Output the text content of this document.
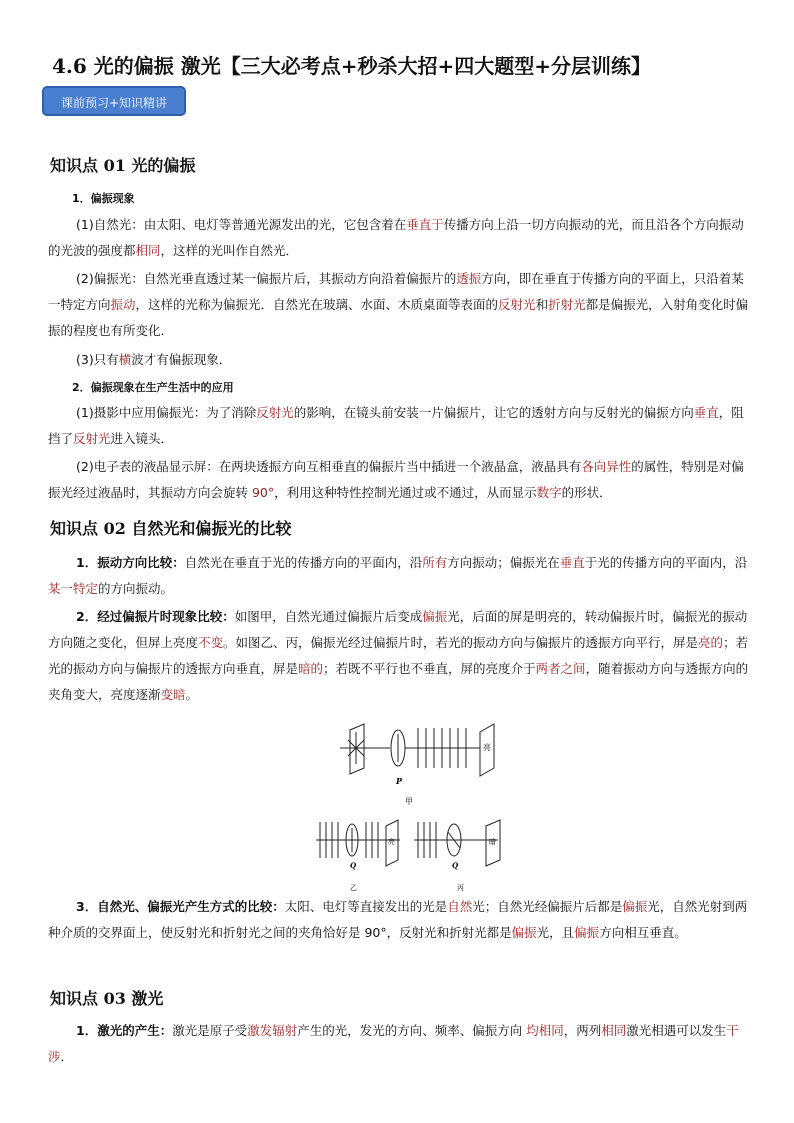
4.6 光的偏振 激光【三大必考点+秒杀大招+四大题型+分层训练】
课前预习+知识精讲
知识点 01 光的偏振
1．偏振现象
(1)自然光：由太阳、电灯等普通光源发出的光，它包含着在垂直于传播方向上沿一切方向振动的光，而且沿各个方向振动的光波的强度都相同，这样的光叫作自然光．
(2)偏振光：自然光垂直透过某一偏振片后，其振动方向沿着偏振片的透振方向，即在垂直于传播方向的平面上，只沿着某一特定方向振动，这样的光称为偏振光．自然光在玻璃、水面、木质桌面等表面的反射光和折射光都是偏振光，入射角变化时偏振的程度也有所变化．
(3)只有横波才有偏振现象．
2．偏振现象在生产生活中的应用
(1)摄影中应用偏振光：为了消除反射光的影响，在镜头前安装一片偏振片，让它的透射方向与反射光的偏振方向垂直，阻挡了反射光进入镜头．
(2)电子表的液晶显示屏：在两块透振方向互相垂直的偏振片当中插进一个液晶盒，液晶具有各向异性的属性，特别是对偏振光经过液晶时，其振动方向会旋转 90°，利用这种特性控制光通过或不通过，从而显示数字的形状．
知识点 02 自然光和偏振光的比较
1．振动方向比较：自然光在垂直于光的传播方向的平面内，沿所有方向振动；偏振光在垂直于光的传播方向的平面内，沿某一特定的方向振动。
2．经过偏振片时现象比较：如图甲，自然光通过偏振片后变成偏振光，后面的屏是明亮的，转动偏振片时，偏振光的振动方向随之变化，但屏上亮度不变。如图乙、丙，偏振光经过偏振片时，若光的振动方向与偏振片的透振方向平行，屏是亮的；若光的振动方向与偏振片的透振方向垂直，屏是暗的；若既不平行也不垂直，屏的亮度介于两者之间，随着振动方向与透振方向的夹角变大，亮度逐渐变暗。
P
亮
甲
Q
亮
乙
Q
暗
丙
3．自然光、偏振光产生方式的比较：太阳、电灯等直接发出的光是自然光；自然光经偏振片后都是偏振光，自然光射到两种介质的交界面上，使反射光和折射光之间的夹角恰好是 90°，反射光和折射光都是偏振光，且偏振方向相互垂直。
知识点 03 激光
1．激光的产生：激光是原子受激发辐射产生的光，发光的方向、频率、偏振方向 均相同，两列相同激光相遇可以发生干涉．
